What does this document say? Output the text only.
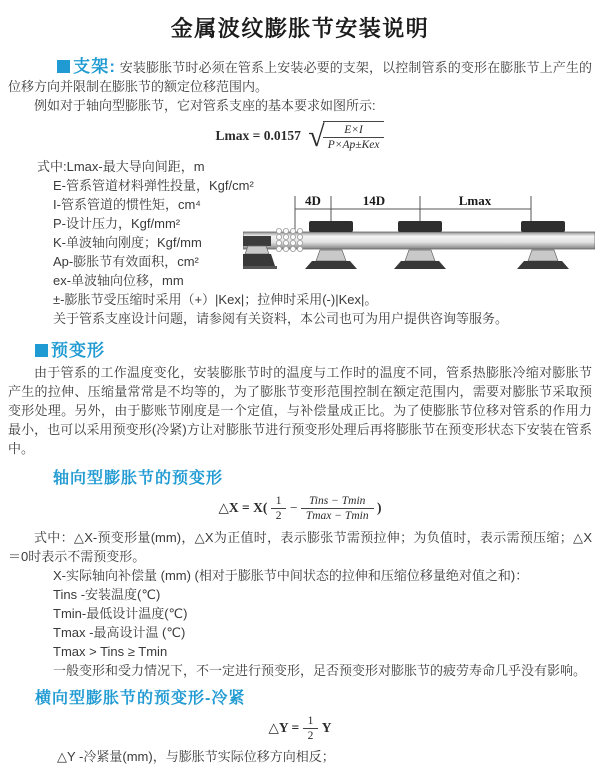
金属波纹膨胀节安装说明

支架: 安装膨胀节时必须在管系上安装必要的支架，以控制管系的变形在膨胀节上产生的位移方向并限制在膨胀节的额定位移范围内。

例如对于轴向型膨胀节，它对管系支座的基本要求如图所示:

Lmax = 0.0157 √
$\frac{E\times I}{\text{P×Ap±Kex}}$
式中:Lmax-最大导向间距，m
E-管系管道材料弹性投量，Kgf/cm²
I-管系管道的惯性矩，cm⁴
P-设计压力，Kgf/mm²
K-单波轴向刚度；Kgf/mm
Ap-膨胀节有效面积，cm²
ex-单波轴向位移，mm
±-膨胀节受压缩时采用（+）|Kex|；拉伸时采用(-)|Kex|。
关于管系支座设计问题，请参阅有关资料，本公司也可为用户提供咨询等服务。
预变形

由于管系的工作温度变化，安装膨胀节时的温度与工作时的温度不同，管系热膨胀冷缩对膨胀节产生的拉伸、压缩量常常是不均等的，为了膨胀节变形范围控制在额定范围内，需要对膨胀节采取预变形处理。另外，由于膨账节刚度是一个定值，与补偿量成正比。为了使膨胀节位移对管系的作用力最小，也可以采用预变形(冷紧)方让对膨胀节进行预变形处理后再将膨胀节在预变形状态下安装在管系中。

轴向型膨胀节的预变形
△X = $X( \frac{1}{2} - \frac{\text{Tins − Tmin}}{Tmax - Tmin}$ )

式中：△X-预变形量(mm)，△X为正值时，表示膨张节需预拉伸；为负值时，表示需预压缩；△X＝0时表示不需预变形。

X-实际轴向补偿量 (mm) (相对于膨胀节中间状态的拉伸和压缩位移量绝对值之和)：
Tins -安装温度(℃)
Tmin-最低设计温度(℃)
Tmax -最高设计温 (℃)
Tmax > Tins ≥ Tmin
一般变形和受力情况下，不一定进行预变形，足否预变形对膨胀节的疲劳寿命几乎没有影响。
横向型膨胀节的预变形-冷紧
△Y = $\frac{1}{2}$ Y
△Y -冷紧量(mm)，与膨胀节实际位移方向相反；
4D	14D	Lmax
